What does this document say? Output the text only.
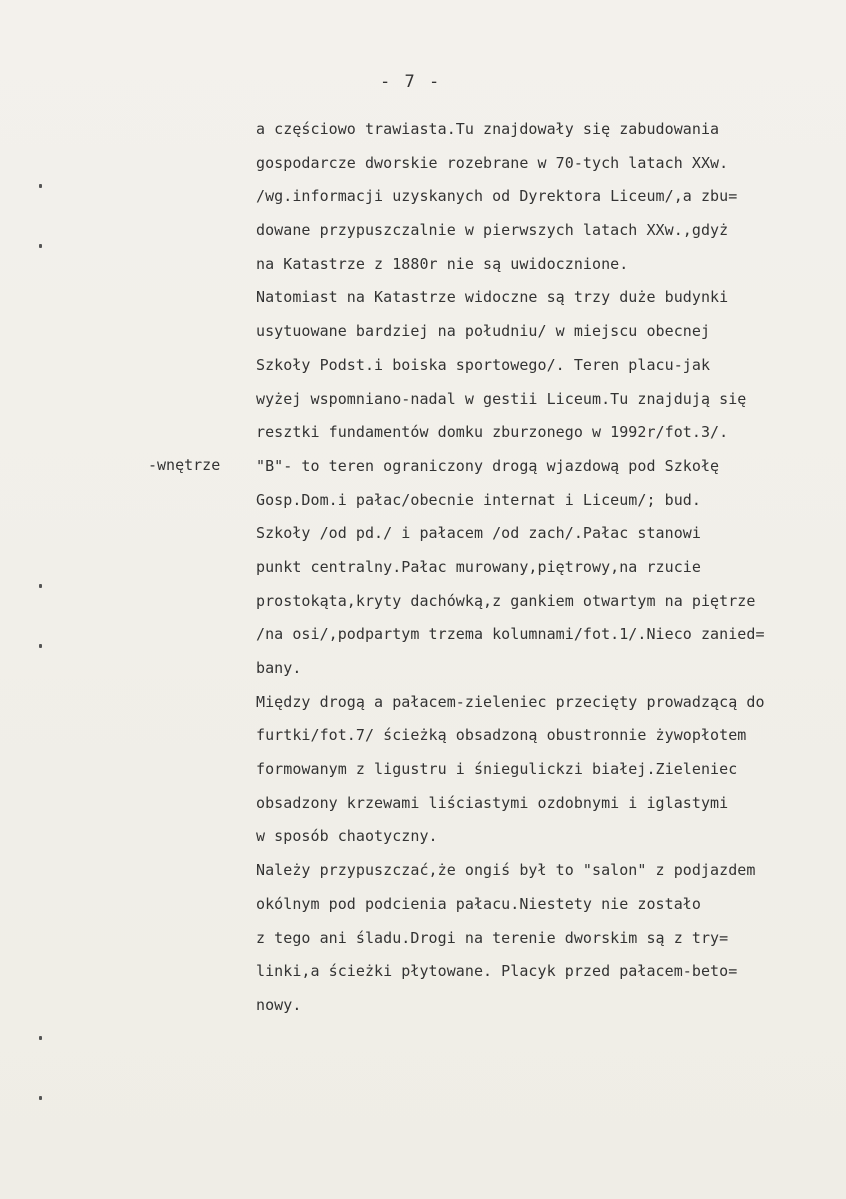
- 7 -
-wnętrze
a częściowo trawiasta.Tu znajdowały się zabudowania
gospodarcze dworskie rozebrane w 70-tych latach XXw.
/wg.informacji uzyskanych od Dyrektora Liceum/,a zbu=
dowane przypuszczalnie w pierwszych latach XXw.,gdyż
na Katastrze z 1880r nie są uwidocznione.
Natomiast na Katastrze widoczne są trzy duże budynki
usytuowane bardziej na południu/ w miejscu obecnej
Szkoły Podst.i boiska sportowego/. Teren placu-jak
wyżej wspomniano-nadal w gestii Liceum.Tu znajdują się
resztki fundamentów domku zburzonego w 1992r/fot.3/.
"B"- to teren ograniczony drogą wjazdową pod Szkołę
Gosp.Dom.i pałac/obecnie internat i Liceum/; bud.
Szkoły /od pd./ i pałacem /od zach/.Pałac stanowi
punkt centralny.Pałac murowany,piętrowy,na rzucie
prostokąta,kryty dachówką,z gankiem otwartym na piętrze
/na osi/,podpartym trzema kolumnami/fot.1/.Nieco zanied=
bany.
Między drogą a pałacem-zieleniec przecięty prowadzącą do
furtki/fot.7/ ścieżką obsadzoną obustronnie żywopłotem
formowanym z ligustru i śniegulickzi białej.Zieleniec
obsadzony krzewami liściastymi ozdobnymi i iglastymi
w sposób chaotyczny.
Należy przypuszczać,że ongiś był to "salon" z podjazdem
okólnym pod podcienia pałacu.Niestety nie zostało
z tego ani śladu.Drogi na terenie dworskim są z try=
linki,a ścieżki płytowane. Placyk przed pałacem-beto=
nowy.
